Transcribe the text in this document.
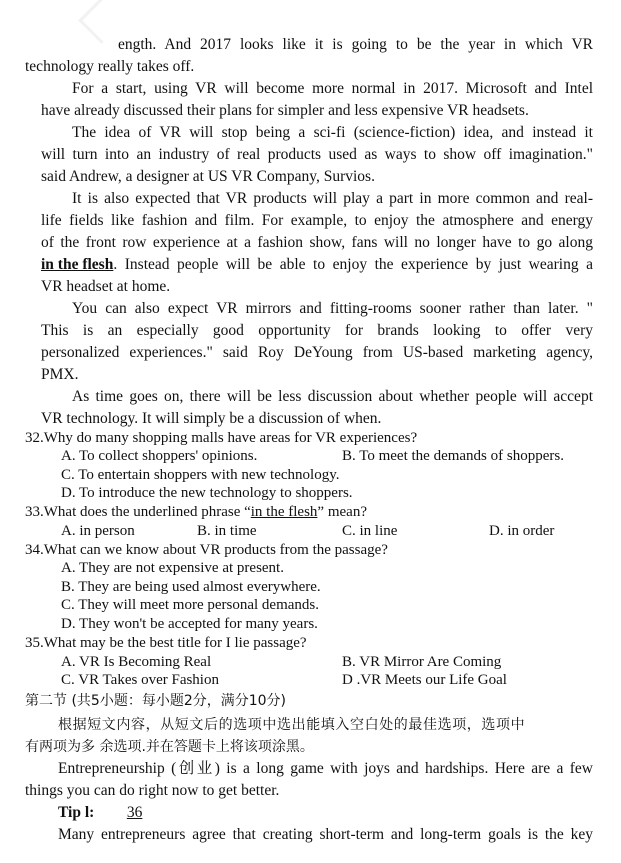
ength. And 2017 looks like it is going to be the year in which VR
technology really takes off.
For a start, using VR will become more normal in 2017. Microsoft and Intel
have already discussed their plans for simpler and less expensive VR headsets.
The idea of VR will stop being a sci-fi (science-fiction) idea, and instead it
will turn into an industry of real products used as ways to show off imagination."
said Andrew, a designer at US VR Company, Survios.
It is also expected that VR products will play a part in more common and real-
life fields like fashion and film. For example, to enjoy the atmosphere and energy
of the front row experience at a fashion show, fans will no longer have to go along
in the flesh . Instead people will be able to enjoy the experience by just wearing a
VR headset at home.
You can also expect VR mirrors and fitting-rooms sooner rather than later. "
This is an especially good opportunity for brands looking to offer very
personalized experiences." said Roy DeYoung from US-based marketing agency,
PMX.
As time goes on, there will be less discussion about whether people will accept
VR technology. It will simply be a discussion of when.
32.Why do many shopping malls have areas for VR experiences?
A. To collect shoppers' opinions.	B. To meet the demands of shoppers.
C. To entertain shoppers with new technology.
D. To introduce the new technology to shoppers.
33.What does the underlined phrase “in the flesh” mean?
A. in person	B. in time	C. in line	D. in order
34.What can we know about VR products from the passage?
A. They are not expensive at present.
B. They are being used almost everywhere.
C. They will meet more personal demands.
D. They won't be accepted for many years.
35.What may be the best title for I lie passage?
A. VR Is Becoming Real	B. VR Mirror Are Coming
C. VR Takes over Fashion	D .VR Meets our Life Goal
第二节 (共5小题：每小题2分，满分10分)
根据短文内容，从短文后的选项中选出能填入空白处的最佳选项，选项中
有两项为多 余选项.并在答题卡上将该项涂黑。
Entrepreneurship (创业) is a long game with joys and hardships. Here are a few
things you can do right now to get better.
Tip l: 36
Many entrepreneurs agree that creating short-term and long-term goals is the key
